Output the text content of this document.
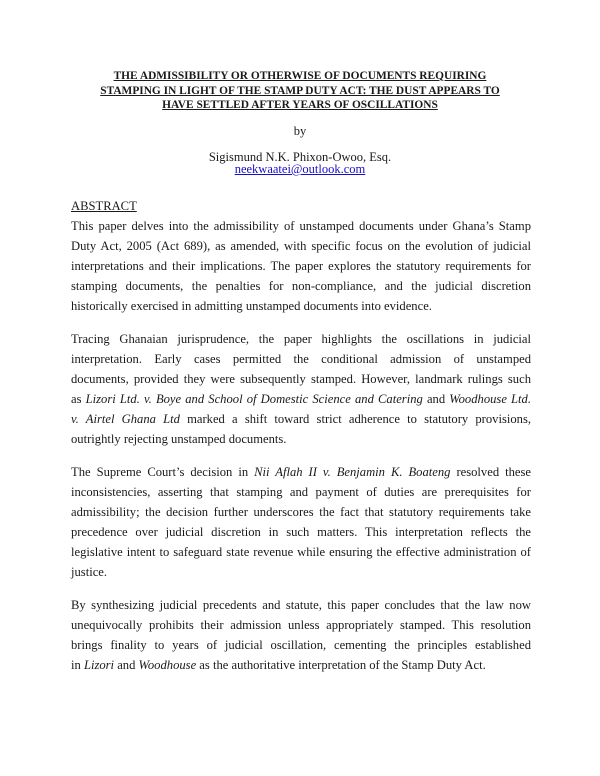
THE ADMISSIBILITY OR OTHERWISE OF DOCUMENTS REQUIRING
STAMPING IN LIGHT OF THE STAMP DUTY ACT: THE DUST APPEARS TO
HAVE SETTLED AFTER YEARS OF OSCILLATIONS
by
Sigismund N.K. Phixon-Owoo, Esq.
neekwaatei@outlook.com
ABSTRACT
This paper delves into the admissibility of unstamped documents under Ghana’s Stamp
Duty Act, 2005 (Act 689), as amended, with specific focus on the evolution of judicial
interpretations and their implications. The paper explores the statutory requirements for
stamping documents, the penalties for non-compliance, and the judicial discretion
historically exercised in admitting unstamped documents into evidence.
Tracing Ghanaian jurisprudence, the paper highlights the oscillations in judicial
interpretation. Early cases permitted the conditional admission of unstamped
documents, provided they were subsequently stamped. However, landmark rulings such
as Lizori Ltd. v. Boye and School of Domestic Science and Catering and Woodhouse Ltd.
v. Airtel Ghana Ltd marked a shift toward strict adherence to statutory provisions,
outrightly rejecting unstamped documents.
The Supreme Court’s decision in Nii Aflah II v. Benjamin K. Boateng resolved these
inconsistencies, asserting that stamping and payment of duties are prerequisites for
admissibility; the decision further underscores the fact that statutory requirements take
precedence over judicial discretion in such matters. This interpretation reflects the
legislative intent to safeguard state revenue while ensuring the effective administration of
justice.
By synthesizing judicial precedents and statute, this paper concludes that the law now
unequivocally prohibits their admission unless appropriately stamped. This resolution
brings finality to years of judicial oscillation, cementing the principles established
in Lizori and Woodhouse as the authoritative interpretation of the Stamp Duty Act.
